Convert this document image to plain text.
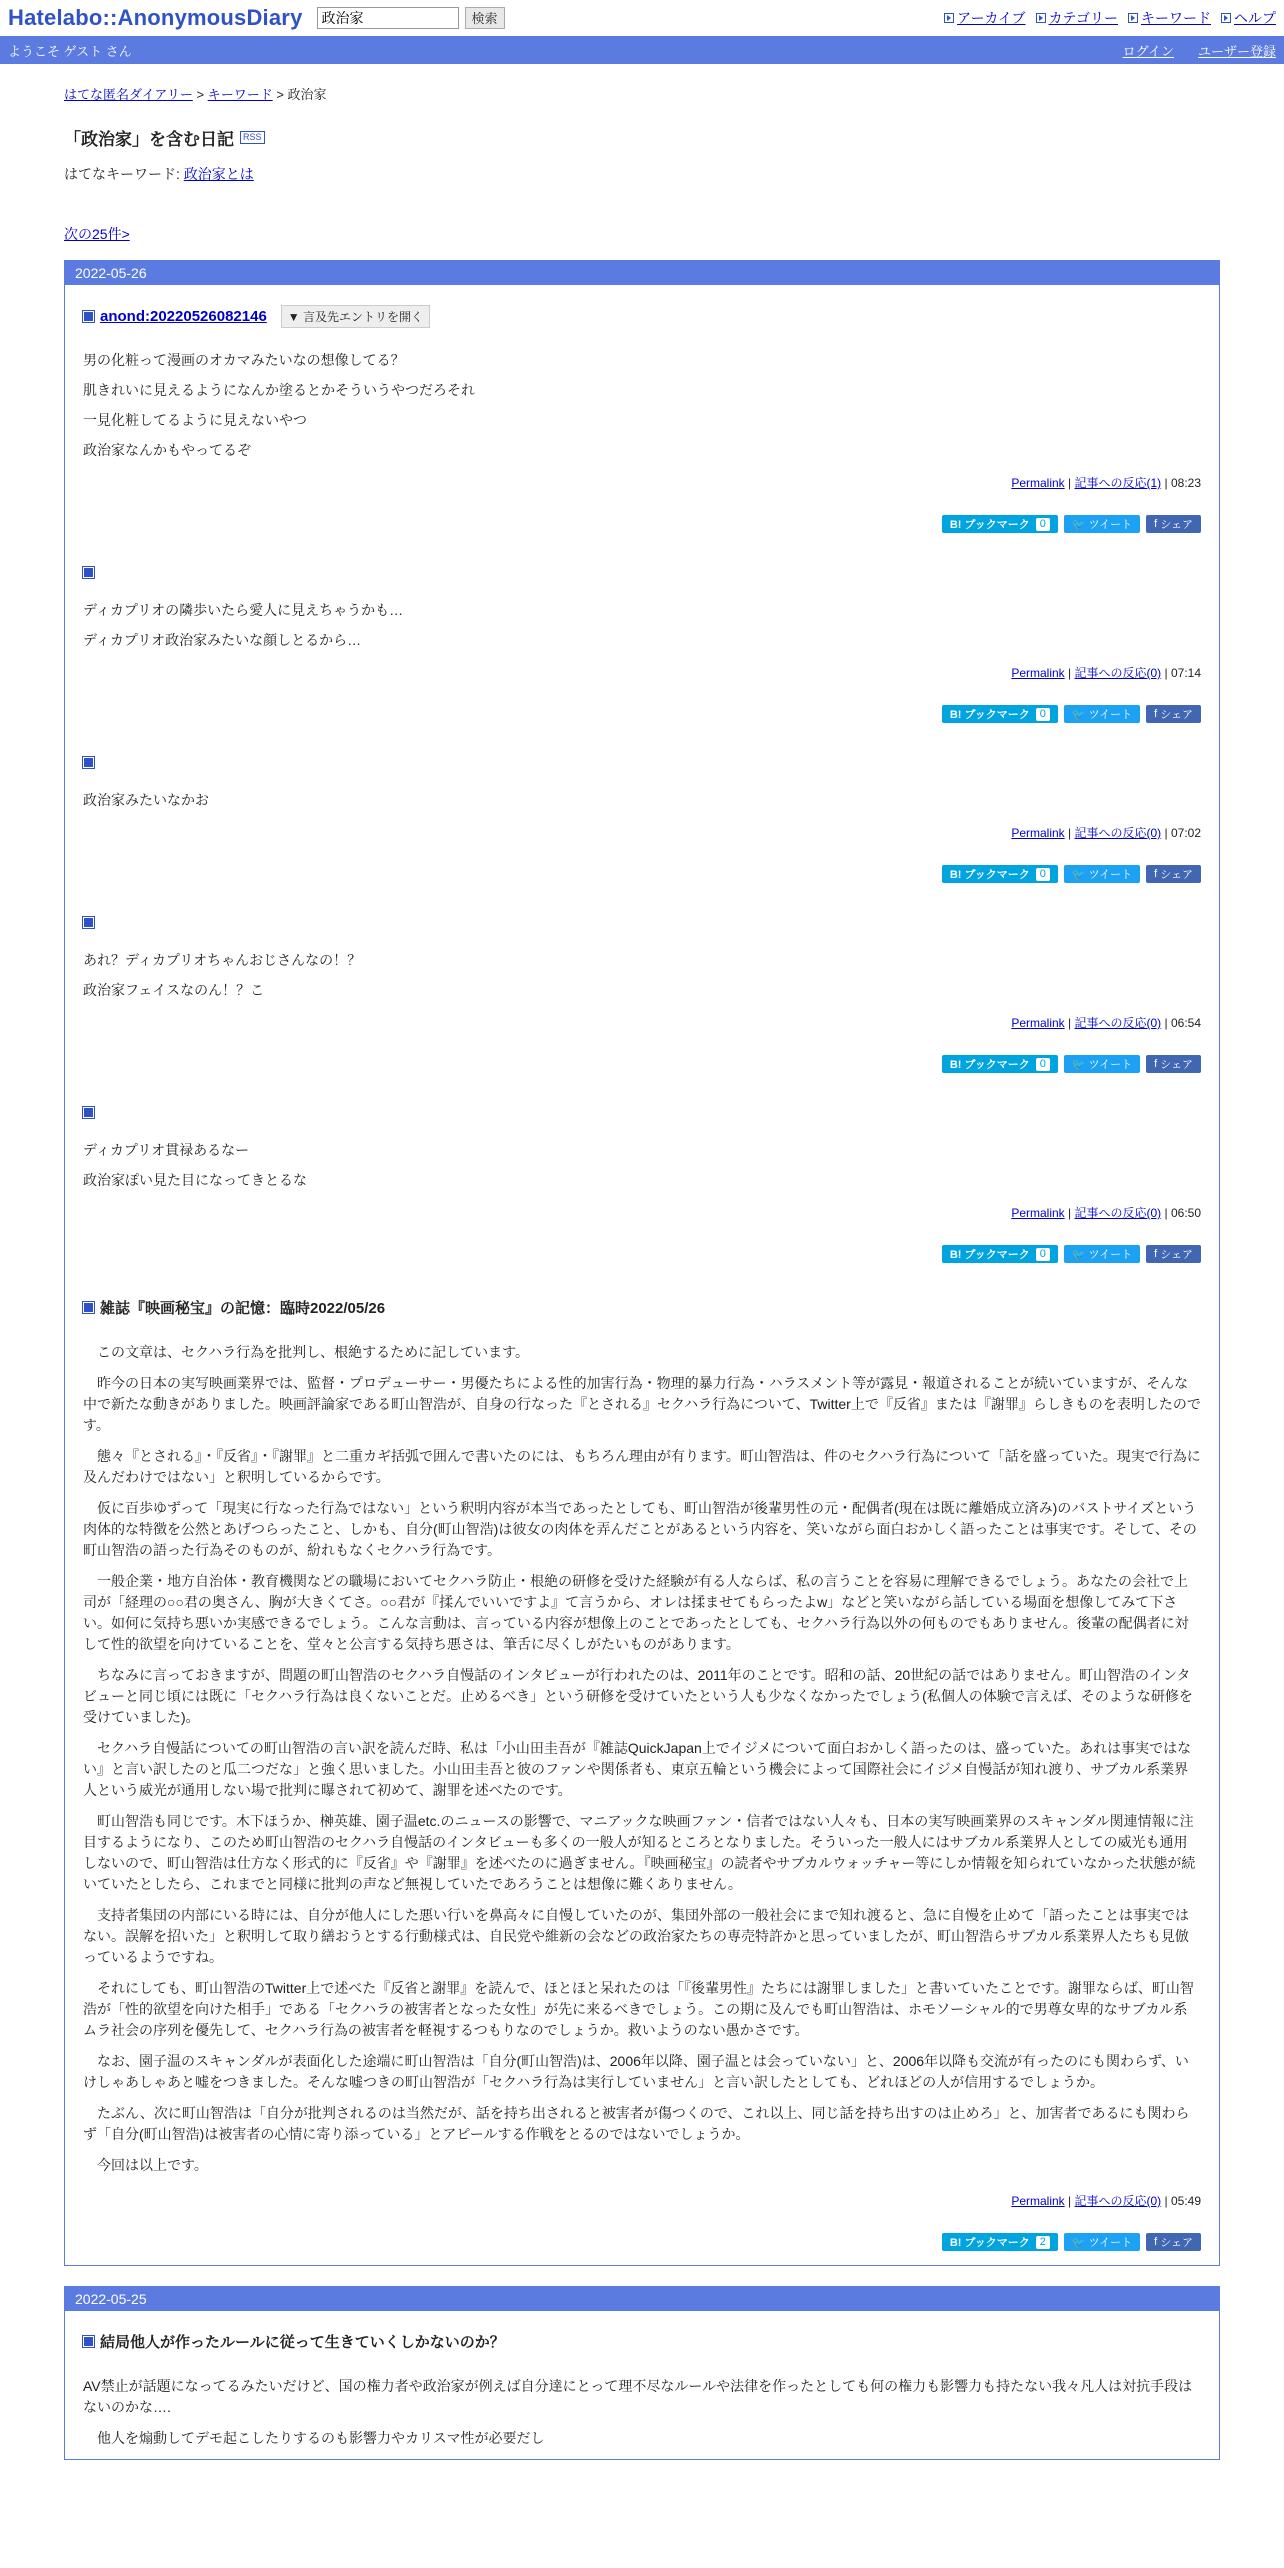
Hatelabo::AnonymousDiary
政治家	検索	アーカイブ カテゴリー キーワード ヘルプ
ようこそ ゲスト さん	ログイン ユーザー登録
はてな匿名ダイアリー > キーワード > 政治家
「政治家」を含む日記	RSS
はてなキーワード: 政治家とは
次の25件>
2022-05-26
anond:20220526082146	▼ 言及先エントリを開く

男の化粧って漫画のオカマみたいなの想像してる？

肌きれいに見えるようになんか塗るとかそういうやつだろそれ

一見化粧してるように見えないやつ

政治家なんかもやってるぞ

Permalink | 記事への反応(1) | 08:23
B! ブックマーク 0	🐦 ツイート f シェア

ディカプリオの隣歩いたら愛人に見えちゃうかも…

ディカプリオ政治家みたいな顔しとるから…

Permalink | 記事への反応(0) | 07:14
B! ブックマーク 0	🐦 ツイート f シェア

政治家みたいなかお

Permalink | 記事への反応(0) | 07:02
B! ブックマーク 0	🐦 ツイート f シェア

あれ？ディカプリオちゃんおじさんなの！？

政治家フェイスなのん！？こ

Permalink | 記事への反応(0) | 06:54
B! ブックマーク 0	🐦 ツイート f シェア

ディカプリオ貫禄あるなー

政治家ぽい見た目になってきとるな

Permalink | 記事への反応(0) | 06:50
B! ブックマーク 0	🐦 ツイート f シェア
雑誌『映画秘宝』の記憶：臨時2022/05/26

この文章は、セクハラ行為を批判し、根絶するために記しています。

昨今の日本の実写映画業界では、監督・プロデューサー・男優たちによる性的加害行為・物理的暴力行為・ハラスメント等が露見・報道されることが続いていますが、そんな中で新たな動きがありました。映画評論家である町山智浩が、自身の行なった『とされる』セクハラ行為について、Twitter上で『反省』または『謝罪』らしきものを表明したのです。

態々『とされる』・『反省』・『謝罪』と二重カギ括弧で囲んで書いたのには、もちろん理由が有ります。町山智浩は、件のセクハラ行為について「話を盛っていた。現実で行為に及んだわけではない」と釈明しているからです。

仮に百歩ゆずって「現実に行なった行為ではない」という釈明内容が本当であったとしても、町山智浩が後輩男性の元・配偶者(現在は既に離婚成立済み)のバストサイズという肉体的な特徴を公然とあげつらったこと、しかも、自分(町山智浩)は彼女の肉体を弄んだことがあるという内容を、笑いながら面白おかしく語ったことは事実です。そして、その町山智浩の語った行為そのものが、紛れもなくセクハラ行為です。

一般企業・地方自治体・教育機関などの職場においてセクハラ防止・根絶の研修を受けた経験が有る人ならば、私の言うことを容易に理解できるでしょう。あなたの会社で上司が「経理の○○君の奥さん、胸が大きくてさ。○○君が『揉んでいいですよ』て言うから、オレは揉ませてもらったよw」などと笑いながら話している場面を想像してみて下さい。如何に気持ち悪いか実感できるでしょう。こんな言動は、言っている内容が想像上のことであったとしても、セクハラ行為以外の何ものでもありません。後輩の配偶者に対して性的欲望を向けていることを、堂々と公言する気持ち悪さは、筆舌に尽くしがたいものがあります。

ちなみに言っておきますが、問題の町山智浩のセクハラ自慢話のインタビューが行われたのは、2011年のことです。昭和の話、20世紀の話ではありません。町山智浩のインタビューと同じ頃には既に「セクハラ行為は良くないことだ。止めるべき」という研修を受けていたという人も少なくなかったでしょう(私個人の体験で言えば、そのような研修を受けていました)。

セクハラ自慢話についての町山智浩の言い訳を読んだ時、私は「小山田圭吾が『雑誌QuickJapan上でイジメについて面白おかしく語ったのは、盛っていた。あれは事実ではない』と言い訳したのと瓜二つだな」と強く思いました。小山田圭吾と彼のファンや関係者も、東京五輪という機会によって国際社会にイジメ自慢話が知れ渡り、サブカル系業界人という威光が通用しない場で批判に曝されて初めて、謝罪を述べたのです。

町山智浩も同じです。木下ほうか、榊英雄、園子温etc.のニュースの影響で、マニアックな映画ファン・信者ではない人々も、日本の実写映画業界のスキャンダル関連情報に注目するようになり、このため町山智浩のセクハラ自慢話のインタビューも多くの一般人が知るところとなりました。そういった一般人にはサブカル系業界人としての威光も通用しないので、町山智浩は仕方なく形式的に『反省』や『謝罪』を述べたのに過ぎません。『映画秘宝』の読者やサブカルウォッチャー等にしか情報を知られていなかった状態が続いていたとしたら、これまでと同様に批判の声など無視していたであろうことは想像に難くありません。

支持者集団の内部にいる時には、自分が他人にした悪い行いを鼻高々に自慢していたのが、集団外部の一般社会にまで知れ渡ると、急に自慢を止めて「語ったことは事実ではない。誤解を招いた」と釈明して取り繕おうとする行動様式は、自民党や維新の会などの政治家たちの専売特許かと思っていましたが、町山智浩らサブカル系業界人たちも見倣っているようですね。

それにしても、町山智浩のTwitter上で述べた『反省と謝罪』を読んで、ほとほと呆れたのは「『後輩男性』たちには謝罪しました」と書いていたことです。謝罪ならば、町山智浩が「性的欲望を向けた相手」である「セクハラの被害者となった女性」が先に来るべきでしょう。この期に及んでも町山智浩は、ホモソーシャル的で男尊女卑的なサブカル系ムラ社会の序列を優先して、セクハラ行為の被害者を軽視するつもりなのでしょうか。救いようのない愚かさです。

なお、園子温のスキャンダルが表面化した途端に町山智浩は「自分(町山智浩)は、2006年以降、園子温とは会っていない」と、2006年以降も交流が有ったのにも関わらず、いけしゃあしゃあと嘘をつきました。そんな嘘つきの町山智浩が「セクハラ行為は実行していません」と言い訳したとしても、どれほどの人が信用するでしょうか。

たぶん、次に町山智浩は「自分が批判されるのは当然だが、話を持ち出されると被害者が傷つくので、これ以上、同じ話を持ち出すのは止めろ」と、加害者であるにも関わらず「自分(町山智浩)は被害者の心情に寄り添っている」とアピールする作戦をとるのではないでしょうか。

今回は以上です。

Permalink | 記事への反応(0) | 05:49
B! ブックマーク 2	🐦 ツイート f シェア
2022-05-25
結局他人が作ったルールに従って生きていくしかないのか？

AV禁止が話題になってるみたいだけど、国の権力者や政治家が例えば自分達にとって理不尽なルールや法律を作ったとしても何の権力も影響力も持たない我々凡人は対抗手段はないのかな….

他人を煽動してデモ起こしたりするのも影響力やカリスマ性が必要だし
